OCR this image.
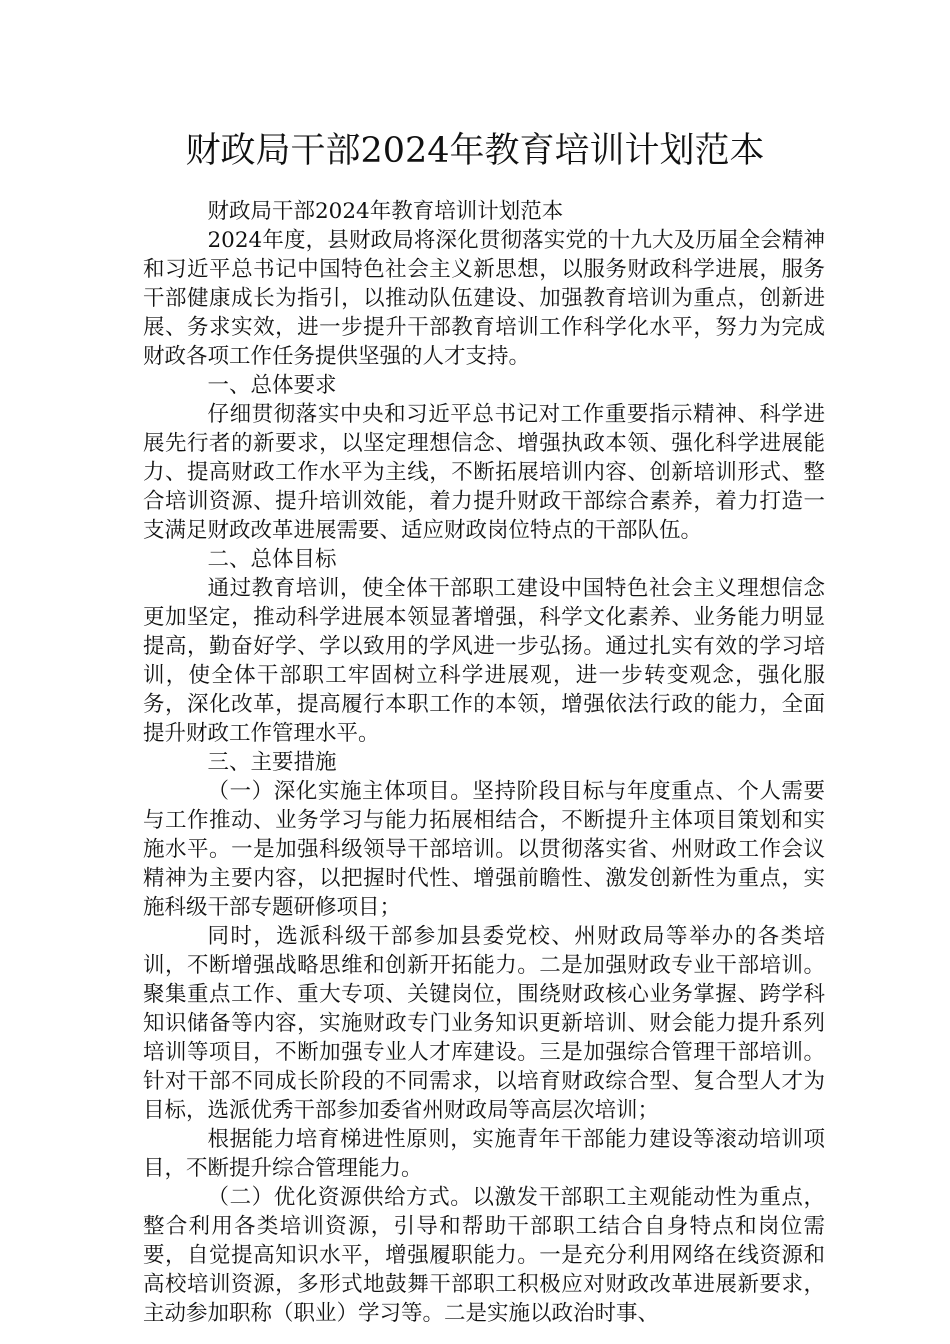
财政局干部2024年教育培训计划范本

财政局干部2024年教育培训计划范本

2024年度，县财政局将深化贯彻落实党的十九大及历届全会精神和习近平总书记中国特色社会主义新思想，以服务财政科学进展，服务干部健康成长为指引，以推动队伍建设、加强教育培训为重点，创新进展、务求实效，进一步提升干部教育培训工作科学化水平，努力为完成财政各项工作任务提供坚强的人才支持。

一、总体要求

仔细贯彻落实中央和习近平总书记对工作重要指示精神、科学进展先行者的新要求，以坚定理想信念、增强执政本领、强化科学进展能力、提高财政工作水平为主线，不断拓展培训内容、创新培训形式、整合培训资源、提升培训效能，着力提升财政干部综合素养，着力打造一支满足财政改革进展需要、适应财政岗位特点的干部队伍。

二、总体目标

通过教育培训，使全体干部职工建设中国特色社会主义理想信念更加坚定，推动科学进展本领显著增强，科学文化素养、业务能力明显提高，勤奋好学、学以致用的学风进一步弘扬。通过扎实有效的学习培训，使全体干部职工牢固树立科学进展观，进一步转变观念，强化服务，深化改革，提高履行本职工作的本领，增强依法行政的能力，全面提升财政工作管理水平。

三、主要措施

（一）深化实施主体项目。坚持阶段目标与年度重点、个人需要与工作推动、业务学习与能力拓展相结合，不断提升主体项目策划和实施水平。一是加强科级领导干部培训。以贯彻落实省、州财政工作会议精神为主要内容，以把握时代性、增强前瞻性、激发创新性为重点，实施科级干部专题研修项目；

同时，选派科级干部参加县委党校、州财政局等举办的各类培训，不断增强战略思维和创新开拓能力。二是加强财政专业干部培训。聚集重点工作、重大专项、关键岗位，围绕财政核心业务掌握、跨学科知识储备等内容，实施财政专门业务知识更新培训、财会能力提升系列培训等项目，不断加强专业人才库建设。三是加强综合管理干部培训。针对干部不同成长阶段的不同需求，以培育财政综合型、复合型人才为目标，选派优秀干部参加委省州财政局等高层次培训；

根据能力培育梯进性原则，实施青年干部能力建设等滚动培训项目，不断提升综合管理能力。

（二）优化资源供给方式。以激发干部职工主观能动性为重点，整合利用各类培训资源，引导和帮助干部职工结合自身特点和岗位需要，自觉提高知识水平，增强履职能力。一是充分利用网络在线资源和高校培训资源，多形式地鼓舞干部职工积极应对财政改革进展新要求，主动参加职称（职业）学习等。二是实施以政治时事、
